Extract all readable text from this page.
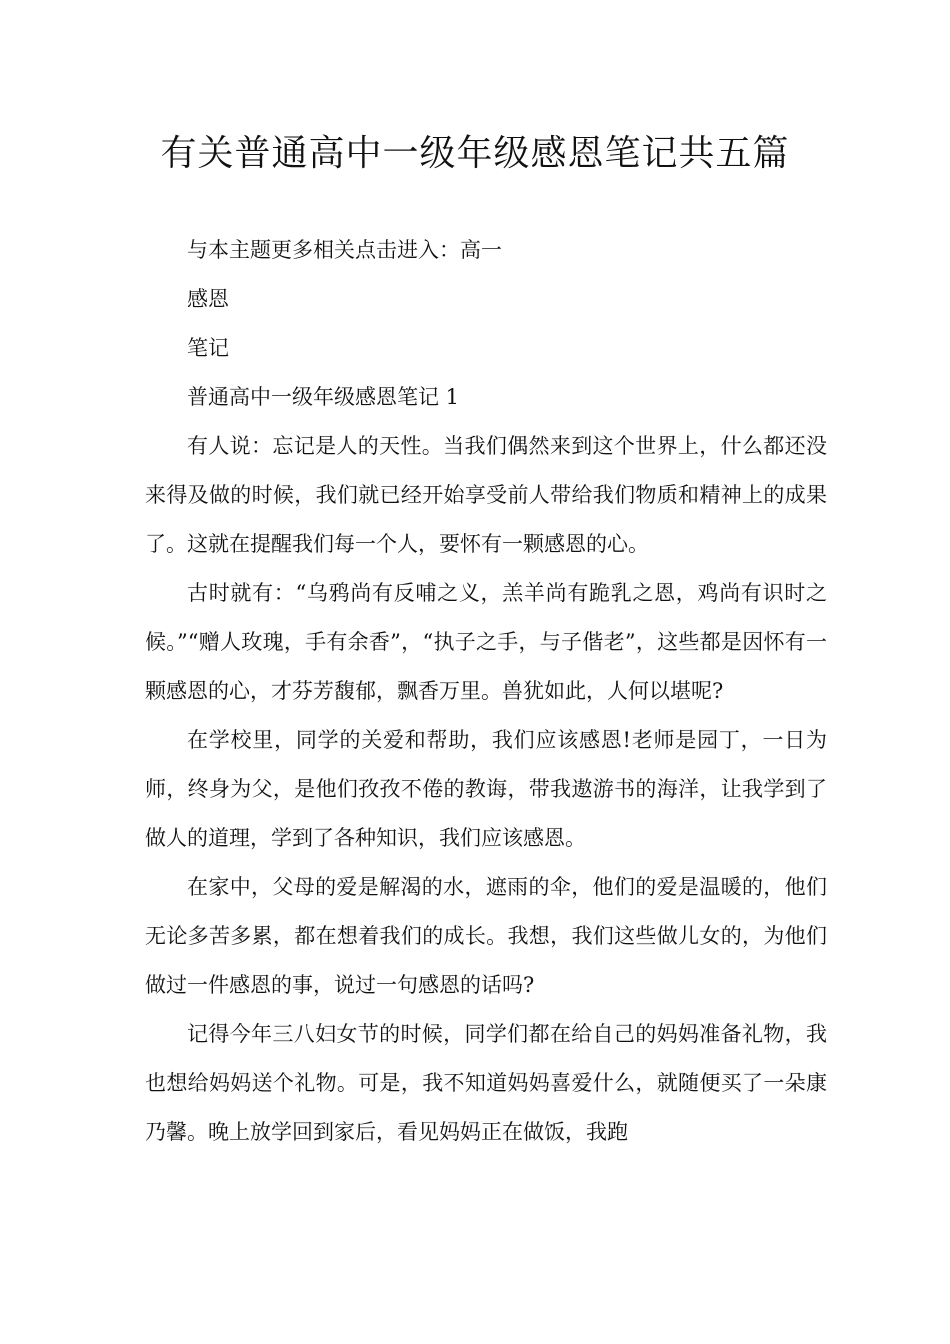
有关普通高中一级年级感恩笔记共五篇

与本主题更多相关点击进入：高一

感恩

笔记

普通高中一级年级感恩笔记 1

有人说：忘记是人的天性。当我们偶然来到这个世界上，什么都还没来得及做的时候，我们就已经开始享受前人带给我们物质和精神上的成果了。这就在提醒我们每一个人，要怀有一颗感恩的心。

古时就有：“乌鸦尚有反哺之义，羔羊尚有跪乳之恩，鸡尚有识时之候。”“赠人玫瑰，手有余香”，“执子之手，与子偕老”，这些都是因怀有一颗感恩的心，才芬芳馥郁，飘香万里。兽犹如此，人何以堪呢?

在学校里，同学的关爱和帮助，我们应该感恩!老师是园丁，一日为师，终身为父，是他们孜孜不倦的教诲，带我遨游书的海洋，让我学到了做人的道理，学到了各种知识，我们应该感恩。

在家中，父母的爱是解渴的水，遮雨的伞，他们的爱是温暖的，他们无论多苦多累，都在想着我们的成长。我想，我们这些做儿女的，为他们做过一件感恩的事，说过一句感恩的话吗?

记得今年三八妇女节的时候，同学们都在给自己的妈妈准备礼物，我也想给妈妈送个礼物。可是，我不知道妈妈喜爱什么，就随便买了一朵康乃馨。晚上放学回到家后，看见妈妈正在做饭，我跑
